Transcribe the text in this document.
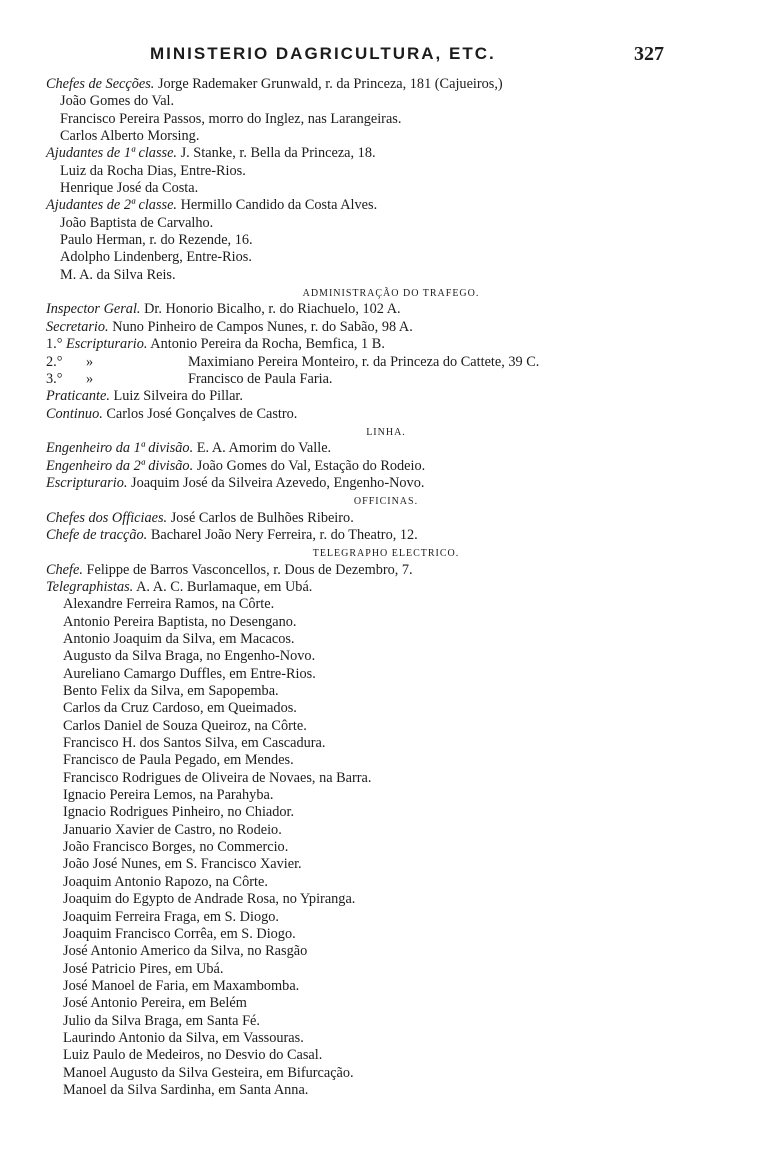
MINISTERIO DAGRICULTURA, ETC.	327
Chefes de Secções. Jorge Rademaker Grunwald, r. da Princeza, 181 (Cajueiros,)
João Gomes do Val.
Francisco Pereira Passos, morro do Inglez, nas Larangeiras.
Carlos Alberto Morsing.
Ajudantes de 1ª classe. J. Stanke, r. Bella da Princeza, 18.
Luiz da Rocha Dias, Entre-Rios.
Henrique José da Costa.
Ajudantes de 2ª classe. Hermillo Candido da Costa Alves.
João Baptista de Carvalho.
Paulo Herman, r. do Rezende, 16.
Adolpho Lindenberg, Entre-Rios.
M. A. da Silva Reis.
ADMINISTRAÇÃO DO TRAFEGO.
Inspector Geral. Dr. Honorio Bicalho, r. do Riachuelo, 102 A.
Secretario. Nuno Pinheiro de Campos Nunes, r. do Sabão, 98 A.
1.° Escripturario. Antonio Pereira da Rocha, Bemfica, 1 B.
2.° »	Maximiano Pereira Monteiro, r. da Princeza do Cattete, 39 C.
3.° »	Francisco de Paula Faria.
Praticante. Luiz Silveira do Pillar.
Continuo. Carlos José Gonçalves de Castro.
LINHA.
Engenheiro da 1ª divisão. E. A. Amorim do Valle.
Engenheiro da 2ª divisão. João Gomes do Val, Estação do Rodeio.
Escripturario. Joaquim José da Silveira Azevedo, Engenho-Novo.
OFFICINAS.
Chefes dos Officiaes. José Carlos de Bulhões Ribeiro.
Chefe de tracção. Bacharel João Nery Ferreira, r. do Theatro, 12.
TELEGRAPHO ELECTRICO.
Chefe. Felippe de Barros Vasconcellos, r. Dous de Dezembro, 7.
Telegraphistas. A. A. C. Burlamaque, em Ubá.
Alexandre Ferreira Ramos, na Côrte.
Antonio Pereira Baptista, no Desengano.
Antonio Joaquim da Silva, em Macacos.
Augusto da Silva Braga, no Engenho-Novo.
Aureliano Camargo Duffles, em Entre-Rios.
Bento Felix da Silva, em Sapopemba.
Carlos da Cruz Cardoso, em Queimados.
Carlos Daniel de Souza Queiroz, na Côrte.
Francisco H. dos Santos Silva, em Cascadura.
Francisco de Paula Pegado, em Mendes.
Francisco Rodrigues de Oliveira de Novaes, na Barra.
Ignacio Pereira Lemos, na Parahyba.
Ignacio Rodrigues Pinheiro, no Chiador.
Januario Xavier de Castro, no Rodeio.
João Francisco Borges, no Commercio.
João José Nunes, em S. Francisco Xavier.
Joaquim Antonio Rapozo, na Côrte.
Joaquim do Egypto de Andrade Rosa, no Ypiranga.
Joaquim Ferreira Fraga, em S. Diogo.
Joaquim Francisco Corrêa, em S. Diogo.
José Antonio Americo da Silva, no Rasgão
José Patricio Pires, em Ubá.
José Manoel de Faria, em Maxambomba.
José Antonio Pereira, em Belém
Julio da Silva Braga, em Santa Fé.
Laurindo Antonio da Silva, em Vassouras.
Luiz Paulo de Medeiros, no Desvio do Casal.
Manoel Augusto da Silva Gesteira, em Bifurcação.
Manoel da Silva Sardinha, em Santa Anna.
